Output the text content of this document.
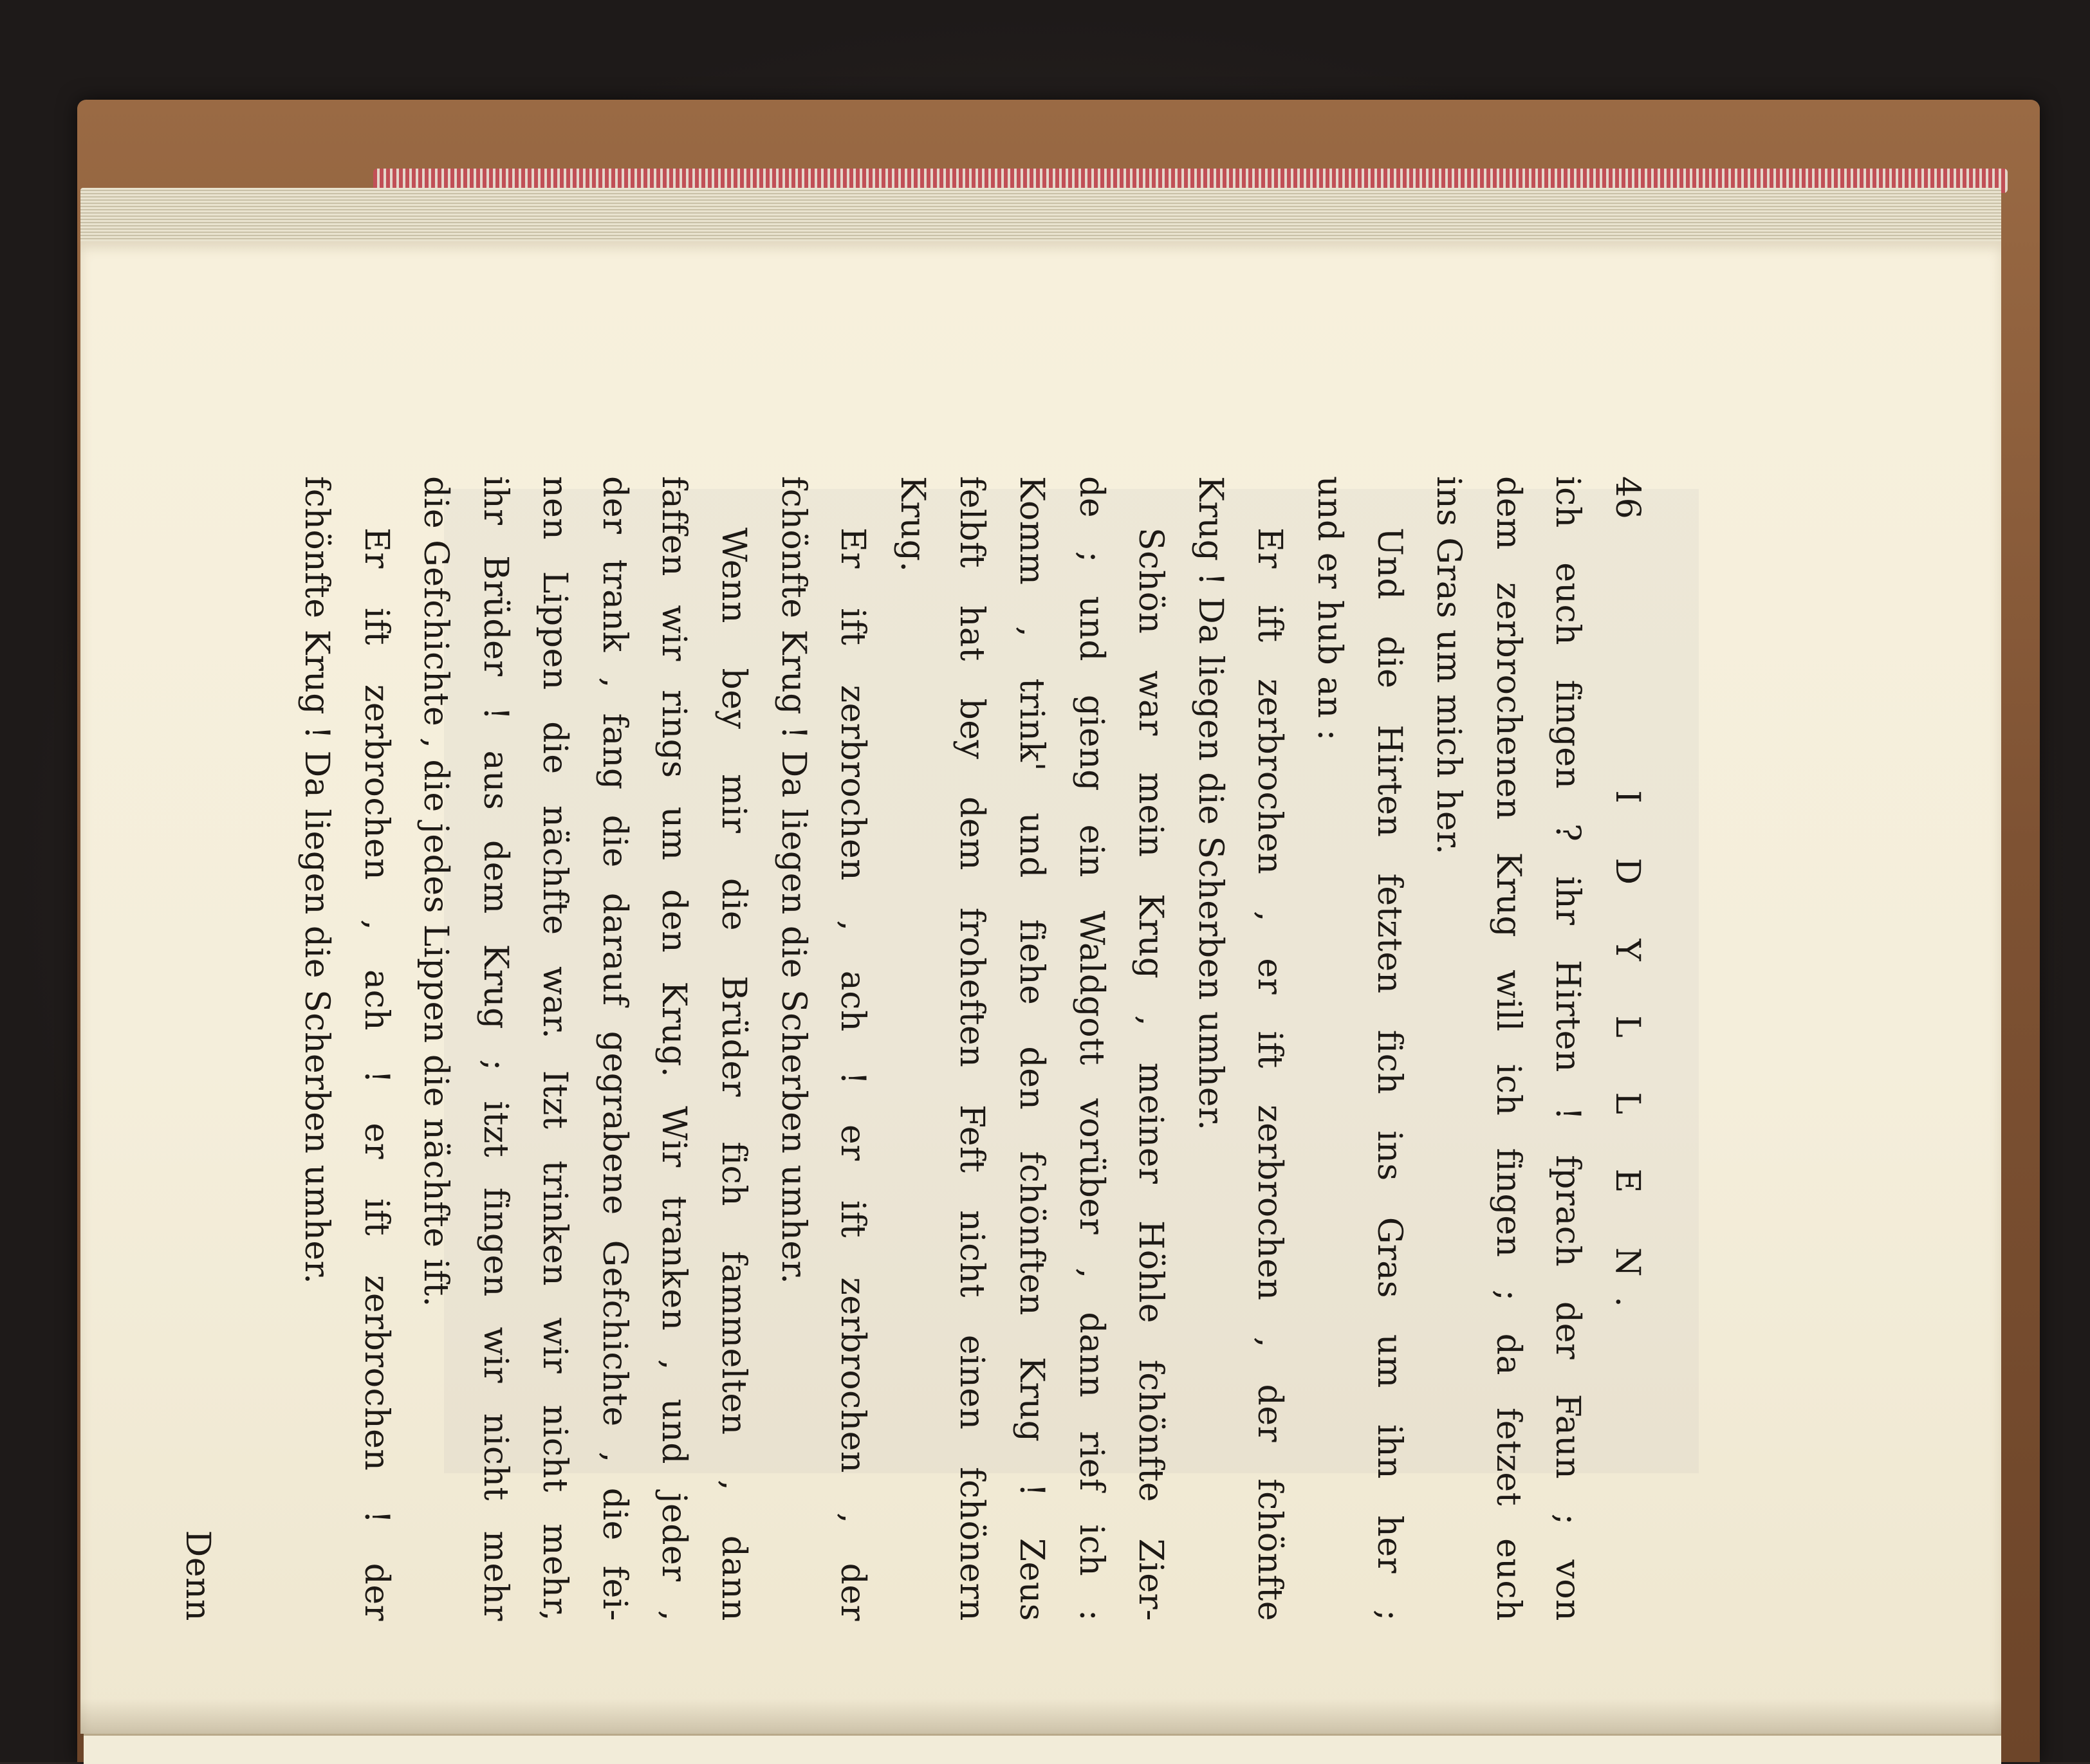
46
I D Y L L E N.
ich euch fingen ? ihr Hirten ! fprach der Faun ; von
dem zerbrochenen Krug will ich fingen ; da fetzet euch
ins Gras um mich her.
Und die Hirten fetzten fich ins Gras um ihn her ;
und er hub an :
Er ift zerbrochen , er ift zerbrochen , der fchönfte
Krug ! Da liegen die Scherben umher.
Schön war mein Krug , meiner Höhle fchönfte Zier-
de ; und gieng ein Waldgott vorüber , dann rief ich :
Komm , trink' und fiehe den fchönften Krug ! Zeus
felbft hat bey dem froheften Feft nicht einen fchönern
Krug.
Er ift zerbrochen , ach ! er ift zerbrochen , der
fchönfte Krug ! Da liegen die Scherben umher.
Wenn bey mir die Brüder fich fammelten , dann
faffen wir rings um den Krug. Wir tranken , und jeder ,
der trank , fang die darauf gegrabene Gefchichte , die fei-
nen Lippen die nächfte war. Itzt trinken wir nicht mehr,
ihr Brüder ! aus dem Krug ; itzt fingen wir nicht mehr
die Gefchichte , die jedes Lippen die nächfte ift.
Er ift zerbrochen , ach ! er ift zerbrochen ! der
fchönfte Krug ! Da liegen die Scherben umher.
Denn
